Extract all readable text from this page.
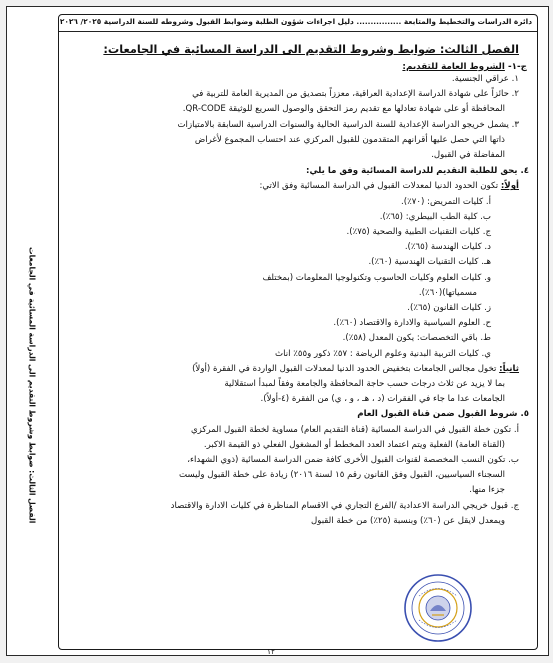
دائرة الدراسات والتخطيط والمتابعة ................ دليل اجراءات شؤون الطلبة وضوابط القبول وشروطه للسنة الدراسية ٢٠٢٥/ ٢٠٢٦
الفصل الثالث: ضوابط وشروط التقديم الى الدراسة المسائية في الجامعات
الفصل الثالث: ضوابط وشروط التقديم الى الدراسة المسائية في الجامعات:
ج-١- الشروط العامة للتقديم:
١. عراقي الجنسية.
٢. حائزاً على شهادة الدراسة الإعدادية العراقية، معززاً بتصديق من المديرية العامة للتربية في
المحافظة أو على شهادة تعادلها مع تقديم رمز التحقق والوصول السريع للوثيقة QR-CODE.
٣. يشمل خريجو الدراسة الإعدادية للسنة الدراسية الحالية والسنوات الدراسية السابقة بالامتيازات
ذاتها التي حصل عليها أقرانهم المتقدمون للقبول المركزي عند احتساب المجموع لأغراض
المفاضلة في القبول.
٤. يحق للطلبة التقديم للدراسة المسائية وفق ما يلي:
أولاً: تكون الحدود الدنيا لمعدلات القبول في الدراسة المسائية وفق الاتي:
أ. كليات التمريض: (٧٠٪).
ب. كلية الطب البيطري: (٦٥٪).
ج. كليات التقنيات الطبية والصحية (٧٥٪).
د. كليات الهندسة (٦٥٪).
هـ. كليات التقنيات الهندسية (٦٠٪).
و. كليات العلوم وكليات الحاسوب وتكنولوجيا المعلومات (بمختلف
مسمياتها)(٦٠٪).
ز. كليات القانون (٦٥٪).
ح. العلوم السياسية والادارة والاقتصاد (٦٠٪).
ط. باقي التخصصات: يكون المعدل (٥٨٪).
ي. كليات التربية البدنية وعلوم الرياضة : ٥٧٪ ذكور و٥٥٪ اناث
ثانياً: تخول مجالس الجامعات بتخفيض الحدود الدنيا لمعدلات القبول الواردة في الفقرة (أولاً)
بما لا يزيد عن ثلاث درجات حسب حاجة المحافظة والجامعة وفقاً لمبدأ استقلالية
الجامعات عدا ما جاء في الفقرات (د ، هـ ، و ، ي) من الفقرة (٤-أولاً).
٥. شروط القبول ضمن قناة القبول العام
أ. تكون خطة القبول في الدراسة المسائية (قناة التقديم العام) مساوية لخطة القبول المركزي
(القناة العامة) الفعلية ويتم اعتماد العدد المخطط أو المشغول الفعلي ذو القيمة الاكبر.
ب. تكون النسب المخصصة لقنوات القبول الأخرى كافة ضمن الدراسة المسائية (ذوي الشهداء،
السجناء السياسيين، القبول وفق القانون رقم ١٥ لسنة ٢٠١٦) زيادة على خطة القبول وليست
جزءا منها.
ج. قبول خريجي الدراسة الاعدادية /الفرع التجاري في الاقسام المناظرة في كليات الادارة والاقتصاد
ويمعدل لايقل عن (٦٠٪) وبنسبة (٢٥٪) من خطة القبول
١٢
